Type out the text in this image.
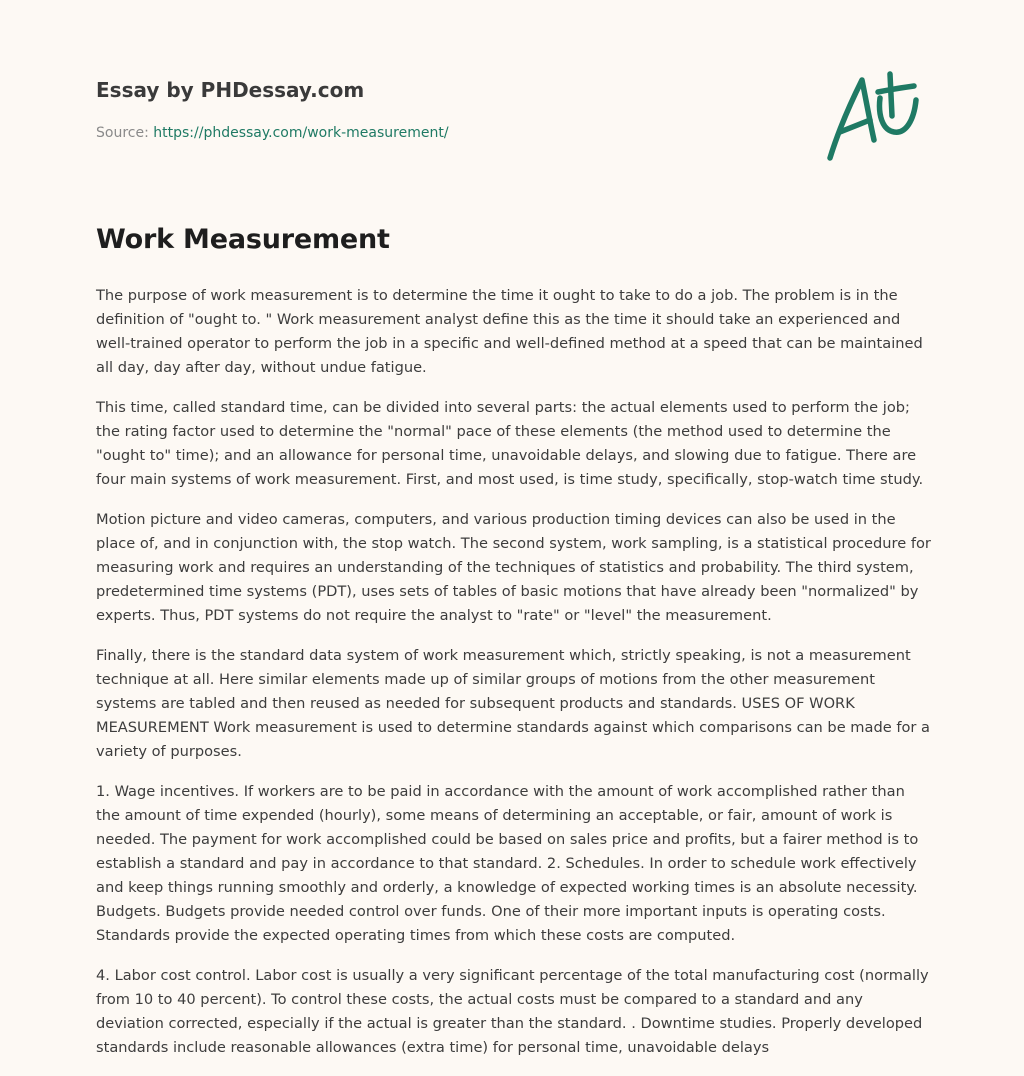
Essay by PHDessay.com
Source: https://phdessay.com/work-measurement/
Work Measurement

The purpose of work measurement is to determine the time it ought to take to do a job. The problem is in the definition of "ought to. " Work measurement analyst define this as the time it should take an experienced and well-trained operator to perform the job in a specific and well-defined method at a speed that can be maintained all day, day after day, without undue fatigue.

This time, called standard time, can be divided into several parts: the actual elements used to perform the job; the rating factor used to determine the "normal" pace of these elements (the method used to determine the "ought to" time); and an allowance for personal time, unavoidable delays, and slowing due to fatigue. There are four main systems of work measurement. First, and most used, is time study, specifically, stop-watch time study.

Motion picture and video cameras, computers, and various production timing devices can also be used in the place of, and in conjunction with, the stop watch. The second system, work sampling, is a statistical procedure for measuring work and requires an understanding of the techniques of statistics and probability. The third system, predetermined time systems (PDT), uses sets of tables of basic motions that have already been "normalized" by experts. Thus, PDT systems do not require the analyst to "rate" or "level" the measurement.

Finally, there is the standard data system of work measurement which, strictly speaking, is not a measurement technique at all. Here similar elements made up of similar groups of motions from the other measurement systems are tabled and then reused as needed for subsequent products and standards. USES OF WORK MEASUREMENT Work measurement is used to determine standards against which comparisons can be made for a variety of purposes.

1. Wage incentives. If workers are to be paid in accordance with the amount of work accomplished rather than the amount of time expended (hourly), some means of determining an acceptable, or fair, amount of work is needed. The payment for work accomplished could be based on sales price and profits, but a fairer method is to establish a standard and pay in accordance to that standard. 2. Schedules. In order to schedule work effectively and keep things running smoothly and orderly, a knowledge of expected working times is an absolute necessity. Budgets. Budgets provide needed control over funds. One of their more important inputs is operating costs. Standards provide the expected operating times from which these costs are computed.

4. Labor cost control. Labor cost is usually a very significant percentage of the total manufacturing cost (normally from 10 to 40 percent). To control these costs, the actual costs must be compared to a standard and any deviation corrected, especially if the actual is greater than the standard. . Downtime studies. Properly developed standards include reasonable allowances (extra time) for personal time, unavoidable delays
